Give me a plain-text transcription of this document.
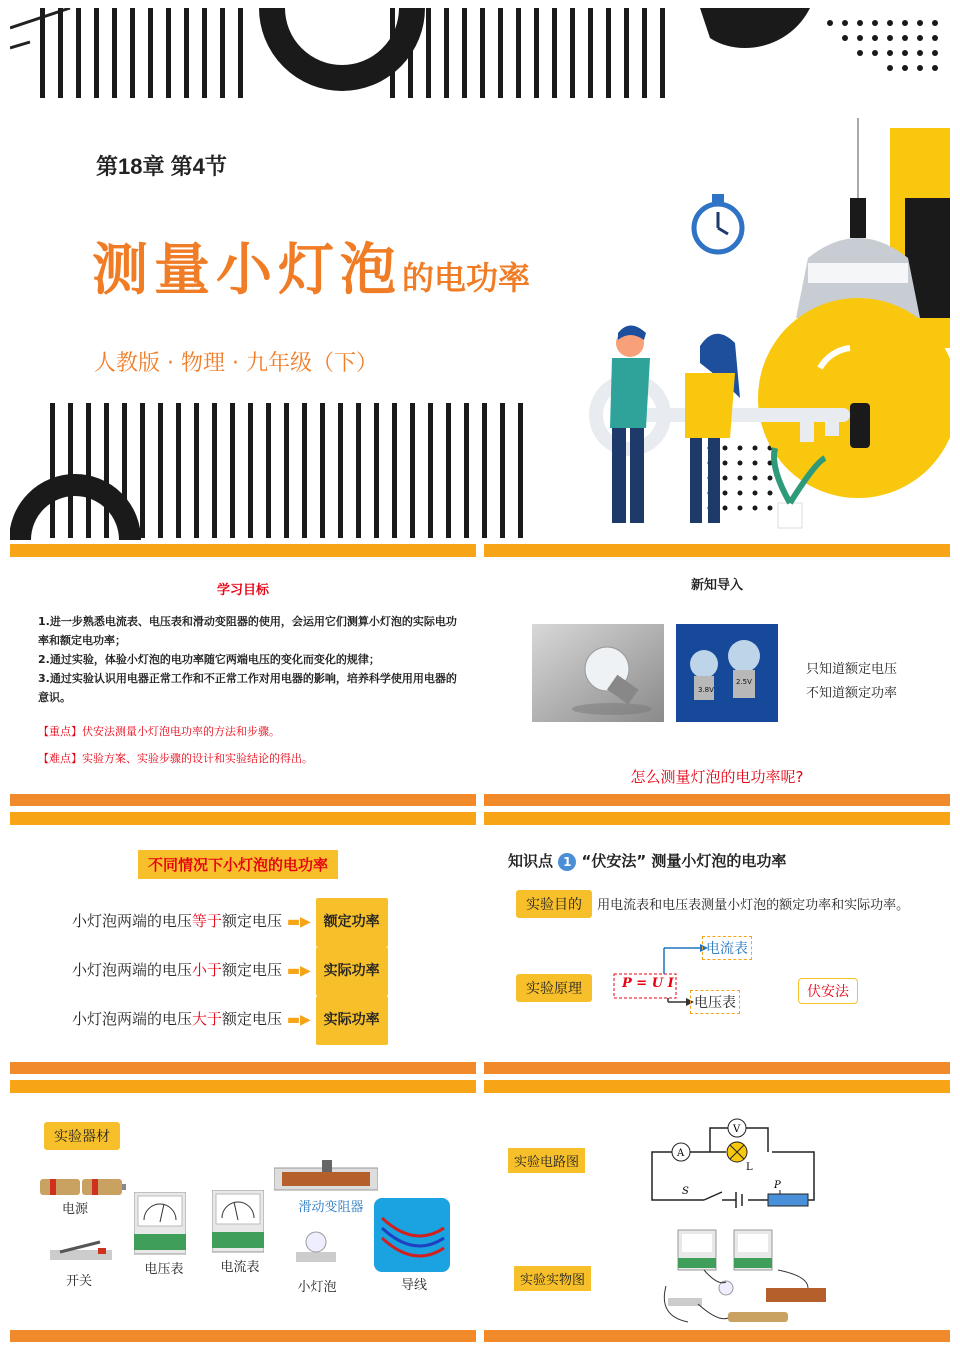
第18章 第4节
测量小灯泡的电功率
人教版 · 物理 · 九年级（下）
学习目标
1.进一步熟悉电流表、电压表和滑动变阻器的使用，会运用它们测算小灯泡的实际电功率和额定电功率；
2.通过实验，体验小灯泡的电功率随它两端电压的变化而变化的规律；
3.通过实验认识用电器正常工作和不正常工作对用电器的影响，培养科学使用用电器的意识。
【重点】伏安法测量小灯泡电功率的方法和步骤。
【难点】实验方案、实验步骤的设计和实验结论的得出。
新知导入
3.8V
2.5V
只知道额定电压
不知道额定功率
怎么测量灯泡的电功率呢?
不同情况下小灯泡的电功率
小灯泡两端的电压等于额定电压 ▬▶ 额定功率
小灯泡两端的电压小于额定电压 ▬▶ 实际功率
小灯泡两端的电压大于额定电压 ▬▶ 实际功率
知识点 1 “伏安法” 测量小灯泡的电功率
实验目的 用电流表和电压表测量小灯泡的额定功率和实际功率。
实验原理	P = U I
电流表
电压表
伏安法
实验器材
电源
开关
电压表	电流表
滑动变阻器
小灯泡	导线
实验电路图
实验实物图
A
V
L
S
P
